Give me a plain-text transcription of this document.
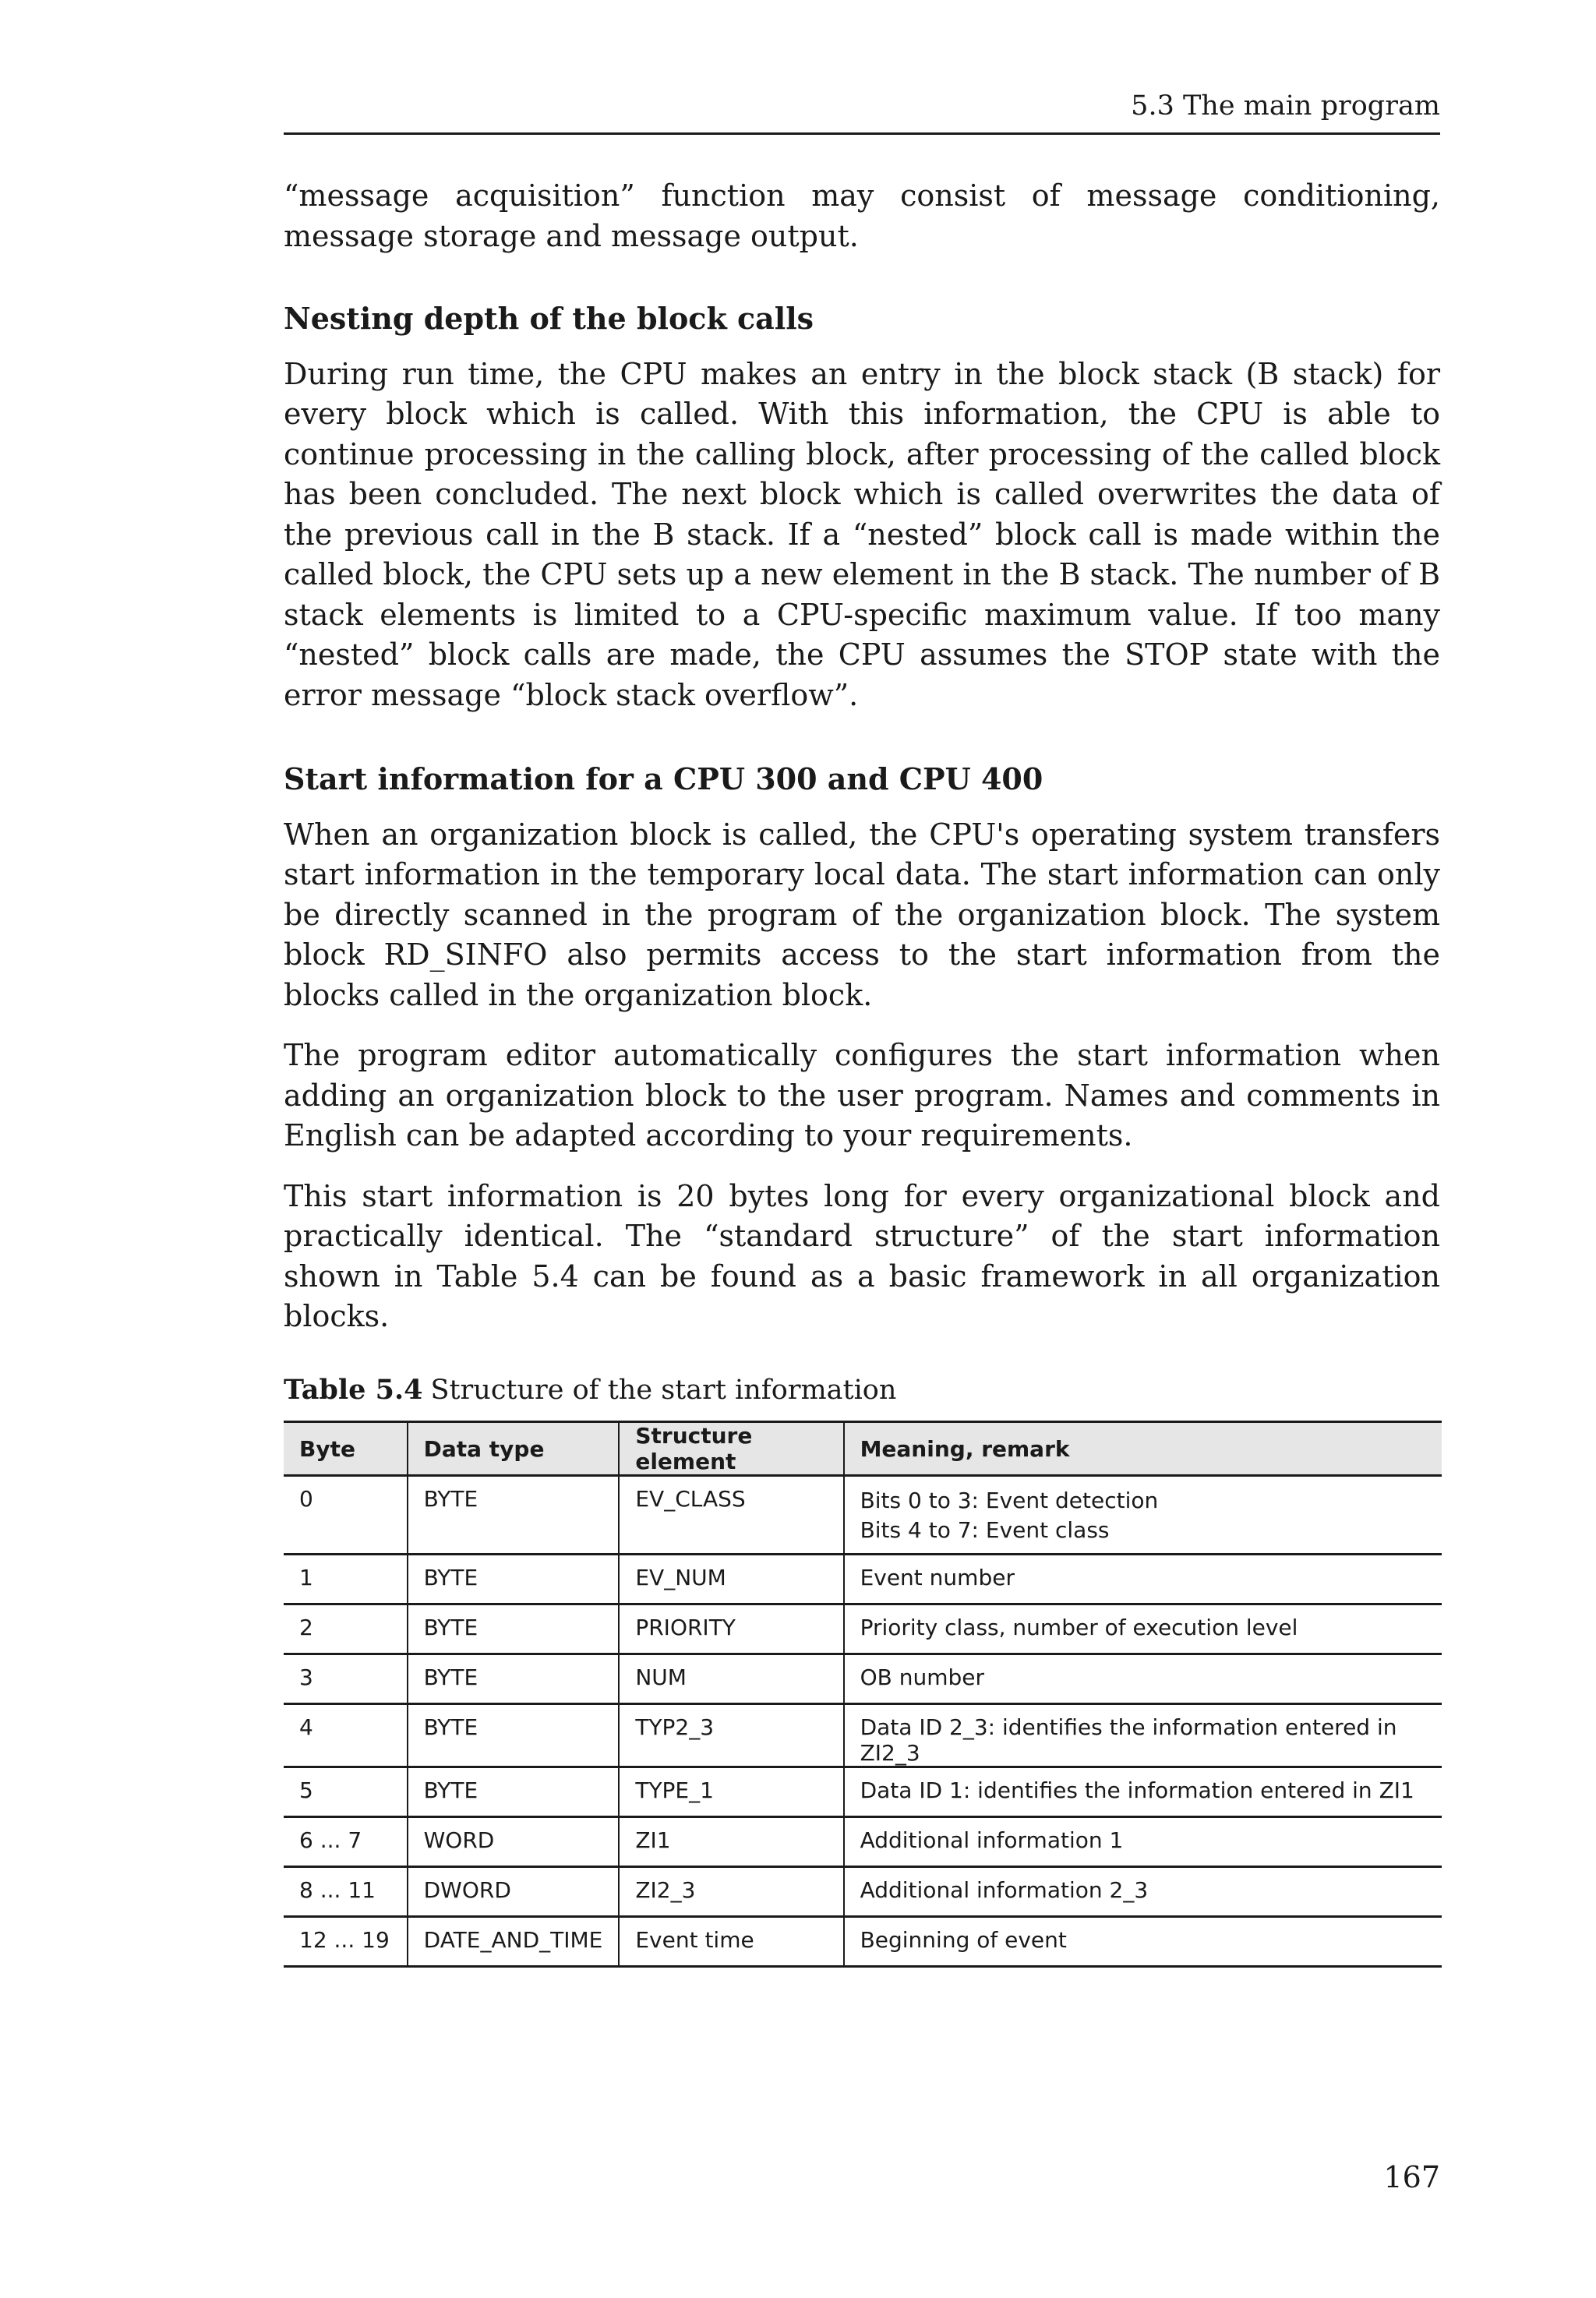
5.3 The main program

“message acquisition” function may consist of message conditioning, message storage and message output.

Nesting depth of the block calls

During run time, the CPU makes an entry in the block stack (B stack) for every block which is called. With this information, the CPU is able to continue processing in the calling block, after processing of the called block has been concluded. The next block which is called overwrites the data of the previous call in the B stack. If a “nested” block call is made within the called block, the CPU sets up a new element in the B stack. The number of B stack elements is limited to a CPU-specific maximum value. If too many “nested” block calls are made, the CPU assumes the STOP state with the error message “block stack overflow”.

Start information for a CPU 300 and CPU 400

When an organization block is called, the CPU's operating system transfers start information in the temporary local data. The start information can only be directly scanned in the program of the organization block. The system block RD_SINFO also permits access to the start information from the blocks called in the organization block.

The program editor automatically configures the start information when adding an organization block to the user program. Names and comments in English can be adapted according to your requirements.

This start information is 20 bytes long for every organizational block and practically identical. The “standard structure” of the start information shown in Table 5.4 can be found as a basic framework in all organization blocks.

Table 5.4 Structure of the start information
Byte	Data type	Structure element	Meaning, remark
0	BYTE	EV_CLASS	Bits 0 to 3: Event detection
Bits 4 to 7: Event class

1	BYTE	EV_NUM	Event number
2	BYTE	PRIORITY	Priority class, number of execution level
3	BYTE	NUM	OB number
4	BYTE	TYP2_3	Data ID 2_3: identifies the information entered in ZI2_3
5	BYTE	TYPE_1	Data ID 1: identifies the information entered in ZI1
6 ... 7	WORD	ZI1	Additional information 1
8 ... 11	DWORD	ZI2_3	Additional information 2_3
12 ... 19	DATE_AND_TIME	Event time	Beginning of event
167
